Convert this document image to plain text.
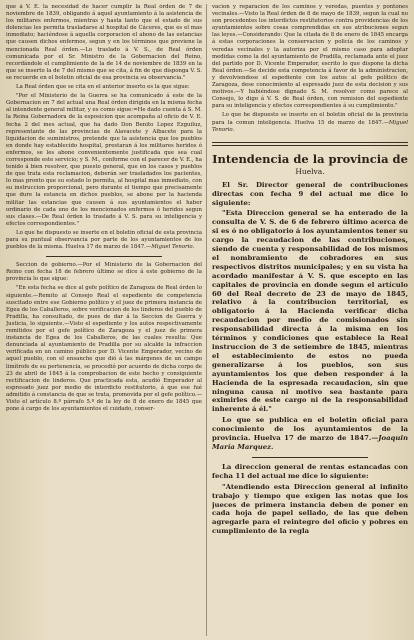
que á V. E. la necesidad de hacer cumplir la Real órden de 7 de noviembre de 1839, obligando á aquel ayuntamiento á la asistencia de los militares enfermos, mientras y hasta tanto que el estado de sus dolencias les permita trasladarse al hospital de Cáceres, que es el mas inmediato; haciéndose á aquella corporacion el abono de las estancias que causen dichos enfermos, segun y en los términos que previene la mencionada Real órden.—Lo traslado á V. S., de Real órden comunicada por el Sr. Ministro de la Gobernacion del Reino, recordándole el cumplimiento de la de 14 de noviembre de 1839 en la que se inserto la de 7 del mismo que se cita, á fin de que disponga V. S. se recuerde en el boletin oficial de esa provincia su observancia."

La Real órden que se cita en el anterior inserto es la que sigue:

"Por el Ministerio de la Guerra se ha comunicado á este de la Gobernacion en 7 del actual una Real órden dirigida en la misma fecha al intendente general militar, y es como sigue:=He dado cuenta á S. M. la Reina Gobernadora de la esposicion que acompaña al oficio de V. E. fecha 2 del mes actual, que ha dado Don Benito Lopez Ezguiluz, representante de las provincias de Alavacete y Albacete para la liquidacion de suministros, pretende que la asistencia que los pueblos en donde hay establecido hospital, prestaran á los militares heridos ó enfermos, se les abone convenientemente justificada que sea cual corresponde este servicio; y S. M., conforme con el parecer de V. E., ha tenido á bien resolver, que puesto general, que en los casos y pueblos de que trata esta reclamacion, deberán ser trasladados los pacientes, lo mas pronto que su estado lo permita, al hospital mas inmediato, con su instruccion proporcional, pero durante el tiempo que precisamente que dure la estancia en dichos pueblos, se abone por la hacienda militar las estancias que causen á sus ayuntamientos el haber ordinario de cada uno de los mencionados enfermos ó heridos segun sus clases.—De Real órden lo traslado á V. S. para su inteligencia y efectos correspondientes."

Lo que he dispuesto se inserte en el boletin oficial de esta provincia para su puntual observancia por parte de los ayuntamientos de los pueblos de la misma. Huelva 17 de marzo de 1847.—Miguel Tenorio.

Seccion de gobierno.—Por el Ministerio de la Gobernacion del Reino con fecha 18 de febrero último se dice á este gobierno de la provincia lo que sigue:

"En esta fecha se dice al gefe político de Zaragoza de Real órden lo siguiente.—Remito al Consejo Real el espediente de competencia suscitado entre ese Gobierno político y el juez de primera instancia de Egea de los Caballeros, sobre verificacion de los linderos del pueblo de Pradilla, ha consultado, de pues de dar á la Seccion de Guerra y Justicia, lo siguiente.—Visto el espediente y los autos respectivamente remitidos por el gefe político de Zaragoza y el juez de primera instancia de Egea de los Caballeros, de las cuales resulta: Que denunciada al ayuntamiento de Pradilla por su alcalde la infraccion verificada en un camino público por D. Vicente Emperador, vecino de aquel pueblo, con el ensanche que dió á las márgenes de un campo limítrofe de su pertenencia, se procedió por acuerdo de dicha corpo de 23 de abril de 1845 á la comprobacion de este hecho y consiguiente rectificacion de linderos. Que practicada esta, acudió Emperador al espresado juez por medio de interdicto restitutorio, á que ese fué admitido á constancia de que se trata, promovida por el gefe político.—Visto el artículo 8.º párrafo 5.º de la ley de 8 de enero de 1845 que pone á cargo de los ayuntamientos el cuidado, conser-

vacion y reparacion de los caminos y veredas, puentes y pontones vecinales.—Visto la Real órden de 8 de mayo de 1839, segun la cual no son procedentes los interdictos restitutorios contra providencias de los ayuntamientos sobre cosas comprendidas en sus atribuciones segun las leyes.—Considerando: Que la citada de 8 de enero de 1845 encarga á estas corporaciones la conservacion y policía de los caminos y veredas vecinales y la autoriza por el mismo caso para adoptar medidas como la del ayuntamiento de Pradilla, reclamada ante el juez del partido por D. Vicente Emperador, escrito lo que dispone la dicha Real órden.—Se decide esta competencia á favor de la administracion, y devolviendose el espediente con los autos al gefe político de Zaragoza, dese conocimiento al espresado juez de esta decision y sus motivos.—Y habiéndose dignado S. M. resolver como parece al Consejo, lo digo á V. S. de Real órden, con remision del espediente para su inteligencia y efectos correspondientes á su cumplimiento."

Lo que he dispuesto se inserte en el boletin oficial de la provincia para la comun inteligencia. Huelva 15 de marzo de 1847.—Miguel Tenorio.

Intendencia de la provincia de
Huelva.

El Sr. Director general de contribuciones directas con fecha 9 del actual me dice lo siguiente:

"Esta Direccion general se ha enterado de la consulta de V. S. de 6 de febrero último acerca de si es ó no obligatorio á los ayuntamientos tener su cargo la recaudacion de las contribuciones, siendo de cuenta y responsabilidad de los mismos el nombramiento de cobradores en sus respectivos distritos municipales; y en su vista ha acordado manifestar á V. S. que escepto en las capitales de provincia en donde segun el artículo 60 del Real decreto de 23 de mayo de 1845, relativo á la contribucion territorial, es obligatorio á la Hacienda verificar dicha recaudacion por medio de comisionados sin responsabilidad directa á la misma en los términos y condiciones que establece la Real instruccion de 3 de setiembre de 1845, mientras el establecimiento de estos no pueda generalizarse á los pueblos, son sus ayuntamientos los que deben responder á la Hacienda de la espresada recaudacion, sin que ninguna causa ni motivo sea bastante para eximirles de este cargo ni de la responsabilidad inherente á él."

Lo que se publica en el boletin oficial para conocimiento de los ayuntamientos de la provincia. Huelva 17 de marzo de 1847.—Joaquin María Marquez.

La direccion general de rentas estancadas con fecha 11 del actual me dice lo siguiente:

"Atendiendo esta Direccion general al infinito trabajo y tiempo que exigen las notas que los jueces de primera instancia deben de poner en cada hoja de papel sellado, de las que deben agregarle para el reintegro del oficio y pobres en cumplimiento de la regla
